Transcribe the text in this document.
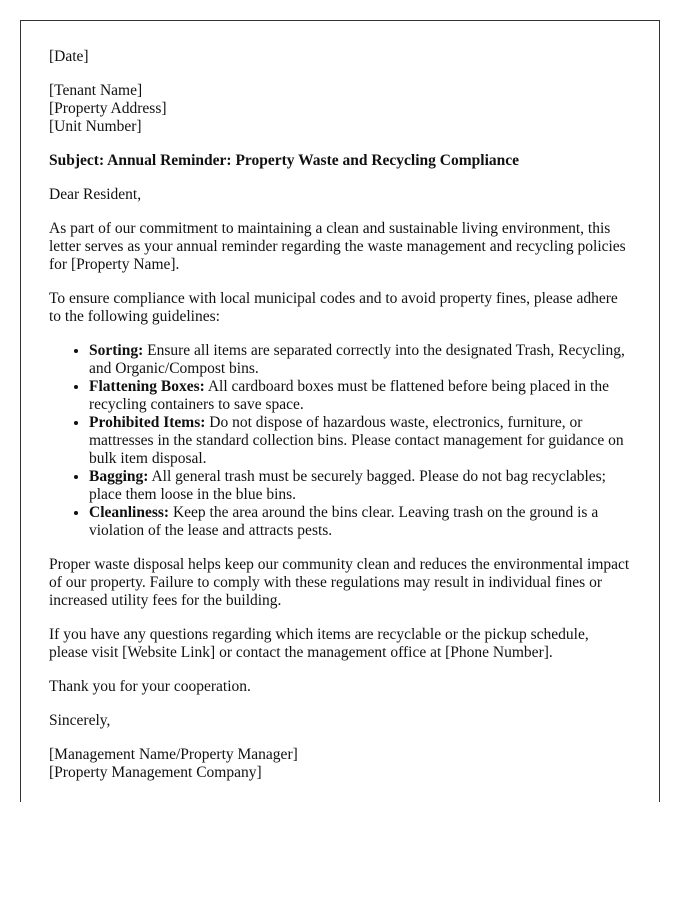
[Date]

[Tenant Name]
[Property Address]
[Unit Number]

Subject: Annual Reminder: Property Waste and Recycling Compliance

Dear Resident,

As part of our commitment to maintaining a clean and sustainable living environment, this letter serves as your annual reminder regarding the waste management and recycling policies for [Property Name].

To ensure compliance with local municipal codes and to avoid property fines, please adhere to the following guidelines:

• Sorting: Ensure all items are separated correctly into the designated Trash, Recycling, and Organic/Compost bins.
• Flattening Boxes: All cardboard boxes must be flattened before being placed in the recycling containers to save space.
• Prohibited Items: Do not dispose of hazardous waste, electronics, furniture, or mattresses in the standard collection bins. Please contact management for guidance on bulk item disposal.
• Bagging: All general trash must be securely bagged. Please do not bag recyclables; place them loose in the blue bins.
• Cleanliness: Keep the area around the bins clear. Leaving trash on the ground is a violation of the lease and attracts pests.

Proper waste disposal helps keep our community clean and reduces the environmental impact of our property. Failure to comply with these regulations may result in individual fines or increased utility fees for the building.

If you have any questions regarding which items are recyclable or the pickup schedule, please visit [Website Link] or contact the management office at [Phone Number].

Thank you for your cooperation.

Sincerely,

[Management Name/Property Manager]
[Property Management Company]
